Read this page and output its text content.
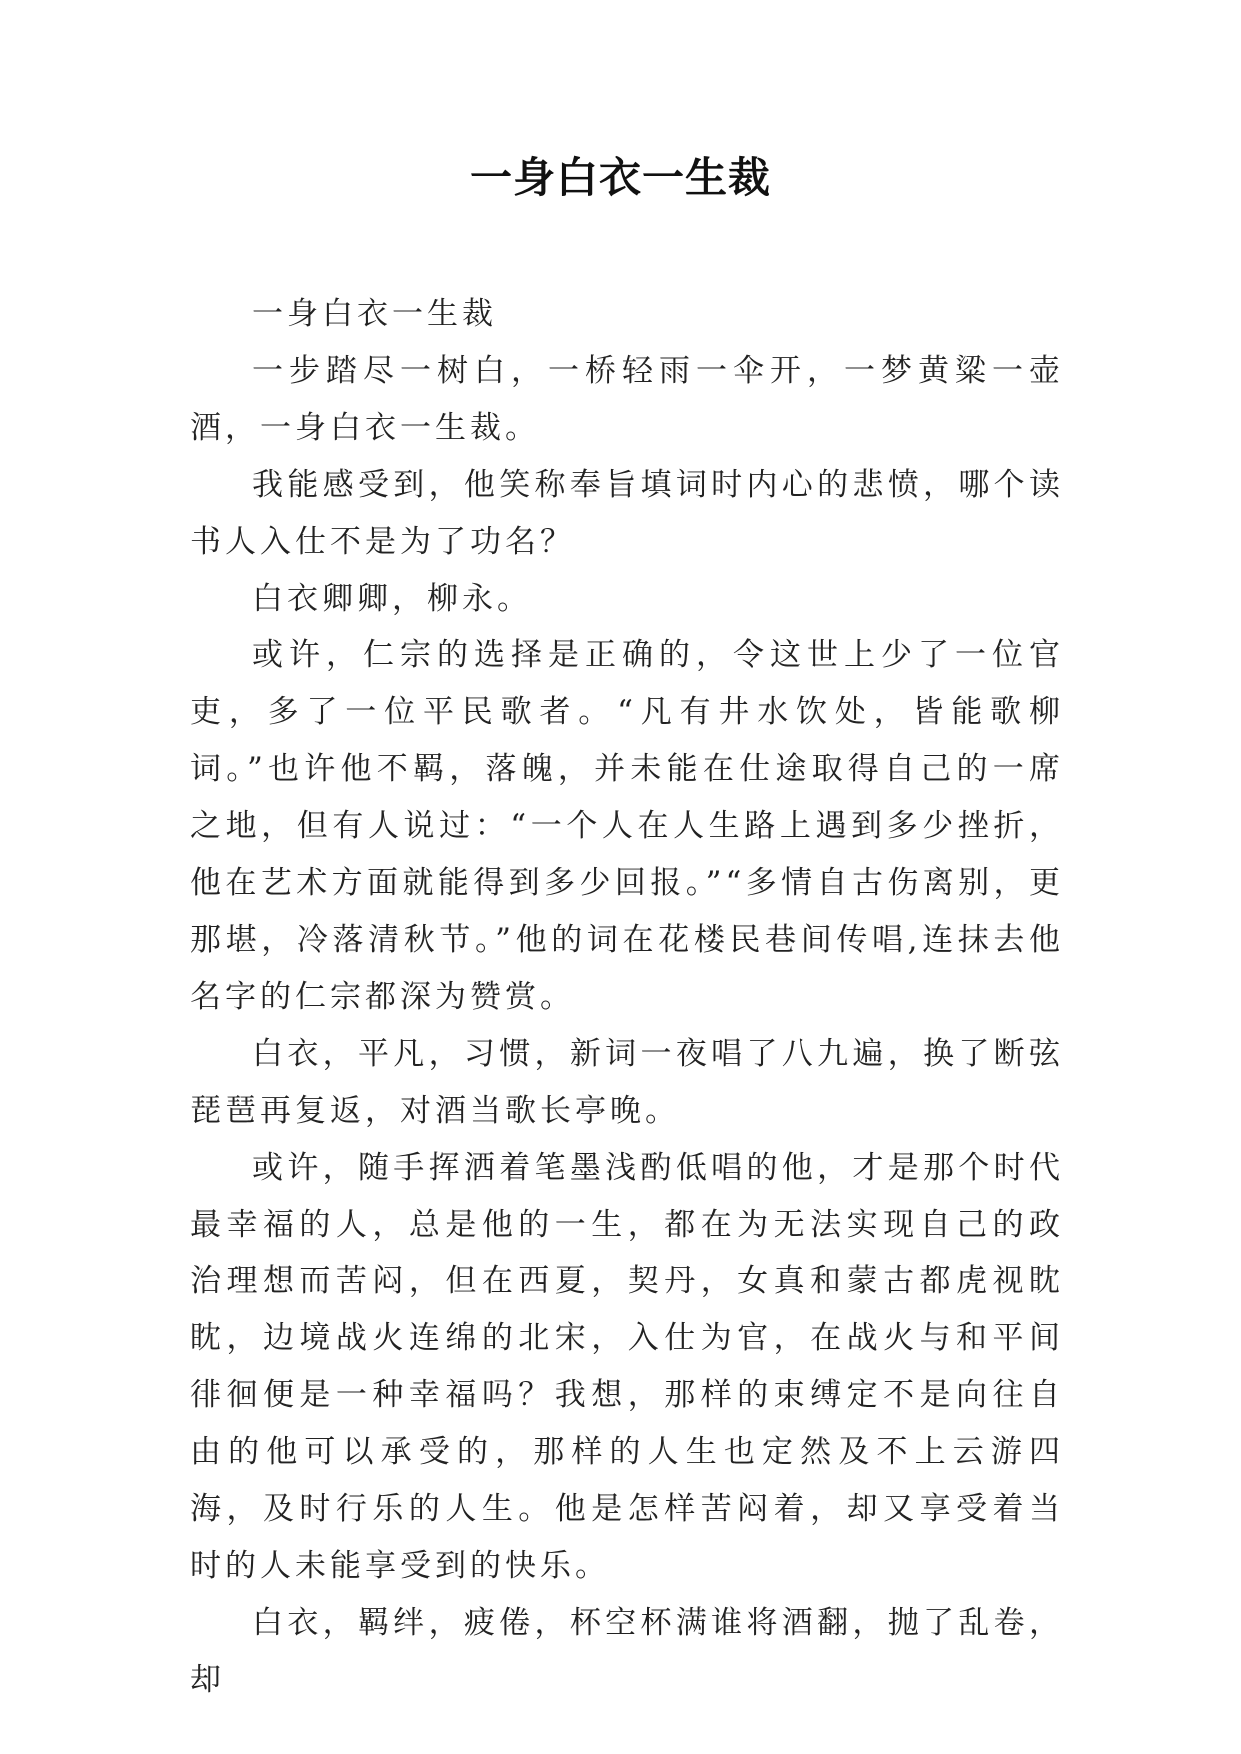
一身白衣一生裁

一身白衣一生裁

一步踏尽一树白，一桥轻雨一伞开，一梦黄粱一壶酒，一身白衣一生裁。

我能感受到，他笑称奉旨填词时内心的悲愤，哪个读书人入仕不是为了功名？

白衣卿卿，柳永。

或许，仁宗的选择是正确的，令这世上少了一位官吏，多了一位平民歌者。“凡有井水饮处，皆能歌柳词。”也许他不羁，落魄，并未能在仕途取得自己的一席之地，但有人说过：“一个人在人生路上遇到多少挫折，他在艺术方面就能得到多少回报。”“多情自古伤离别，更那堪，冷落清秋节。”他的词在花楼民巷间传唱,连抹去他名字的仁宗都深为赞赏。

白衣，平凡，习惯，新词一夜唱了八九遍，换了断弦琵琶再复返，对酒当歌长亭晚。

或许，随手挥洒着笔墨浅酌低唱的他，才是那个时代最幸福的人，总是他的一生，都在为无法实现自己的政治理想而苦闷，但在西夏，契丹，女真和蒙古都虎视眈眈，边境战火连绵的北宋，入仕为官，在战火与和平间徘徊便是一种幸福吗？我想，那样的束缚定不是向往自由的他可以承受的，那样的人生也定然及不上云游四海，及时行乐的人生。他是怎样苦闷着，却又享受着当时的人未能享受到的快乐。

白衣，羁绊，疲倦，杯空杯满谁将酒翻，抛了乱卷，却
